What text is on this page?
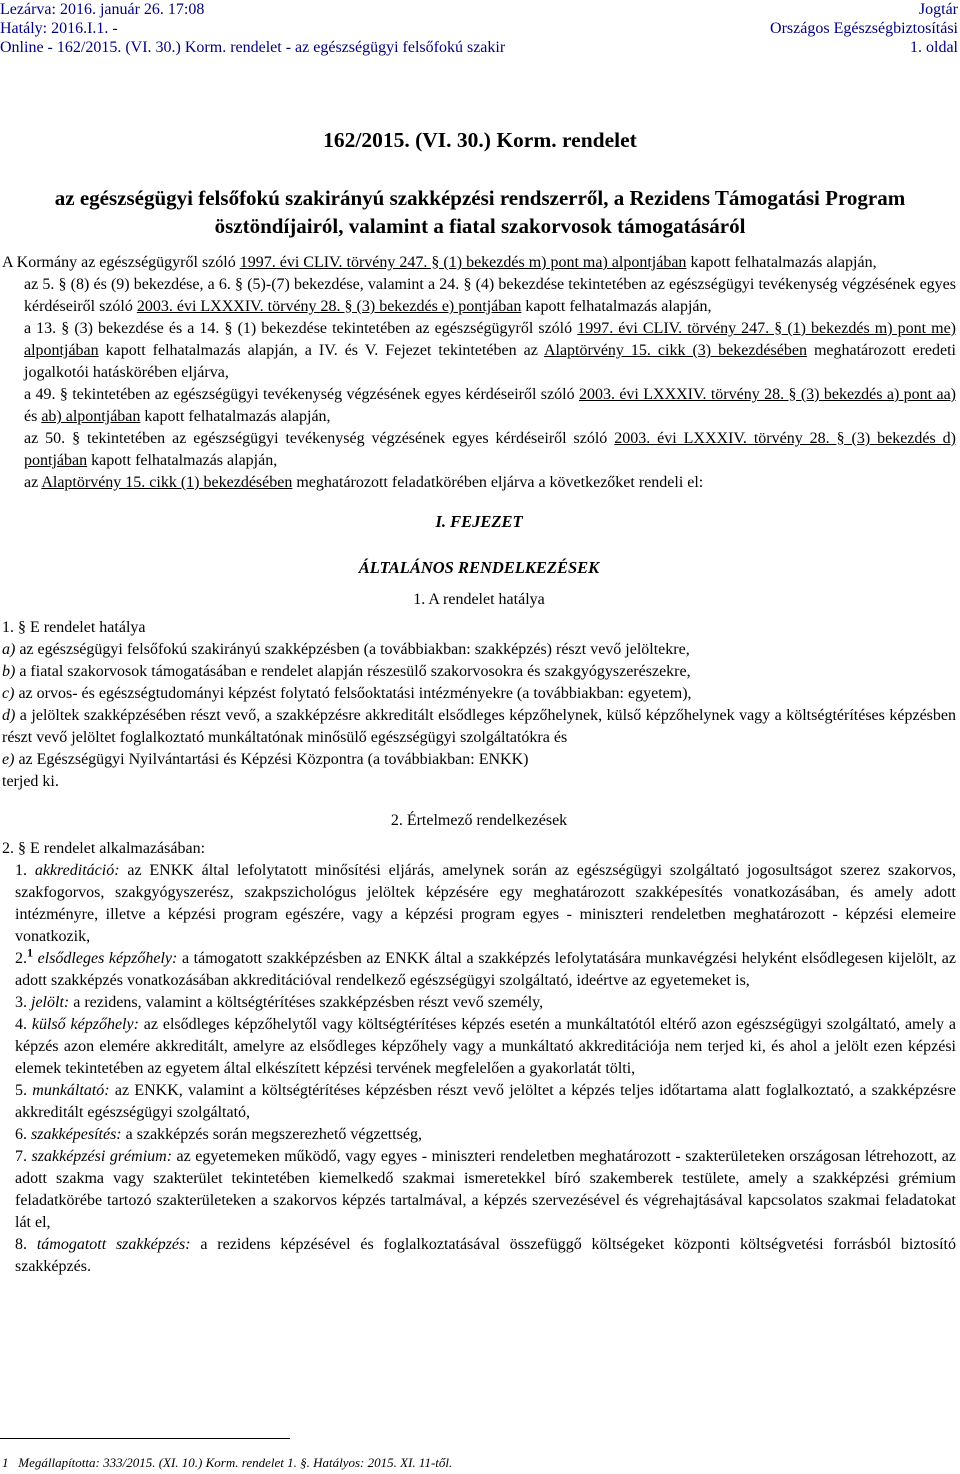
Lezárva: 2016. január 26. 17:08
Hatály: 2016.I.1. -
Online - 162/2015. (VI. 30.) Korm. rendelet - az egészségügyi felsőfokú szakir
Jogtár
Országos Egészségbiztosítási
1. oldal
162/2015. (VI. 30.) Korm. rendelet
az egészségügyi felsőfokú szakirányú szakképzési rendszerről, a Rezidens Támogatási Program ösztöndíjairól, valamint a fiatal szakorvosok támogatásáról

A Kormány az egészségügyről szóló 1997. évi CLIV. törvény 247. § (1) bekezdés m) pont ma) alpontjában kapott felhatalmazás alapján,

az 5. § (8) és (9) bekezdése, a 6. § (5)-(7) bekezdése, valamint a 24. § (4) bekezdése tekintetében az egészségügyi tevékenység végzésének egyes kérdéseiről szóló 2003. évi LXXXIV. törvény 28. § (3) bekezdés e) pontjában kapott felhatalmazás alapján,

a 13. § (3) bekezdése és a 14. § (1) bekezdése tekintetében az egészségügyről szóló 1997. évi CLIV. törvény 247. § (1) bekezdés m) pont me) alpontjában kapott felhatalmazás alapján, a IV. és V. Fejezet tekintetében az Alaptörvény 15. cikk (3) bekezdésében meghatározott eredeti jogalkotói hatáskörében eljárva,

a 49. § tekintetében az egészségügyi tevékenység végzésének egyes kérdéseiről szóló 2003. évi LXXXIV. törvény 28. § (3) bekezdés a) pont aa) és ab) alpontjában kapott felhatalmazás alapján,

az 50. § tekintetében az egészségügyi tevékenység végzésének egyes kérdéseiről szóló 2003. évi LXXXIV. törvény 28. § (3) bekezdés d) pontjában kapott felhatalmazás alapján,

az Alaptörvény 15. cikk (1) bekezdésében meghatározott feladatkörében eljárva a következőket rendeli el:

I. FEJEZET

ÁLTALÁNOS RENDELKEZÉSEK

1. A rendelet hatálya

1. § E rendelet hatálya

a) az egészségügyi felsőfokú szakirányú szakképzésben (a továbbiakban: szakképzés) részt vevő jelöltekre,

b) a fiatal szakorvosok támogatásában e rendelet alapján részesülő szakorvosokra és szakgyógyszerészekre,

c) az orvos- és egészségtudományi képzést folytató felsőoktatási intézményekre (a továbbiakban: egyetem),

d) a jelöltek szakképzésében részt vevő, a szakképzésre akkreditált elsődleges képzőhelynek, külső képzőhelynek vagy a költségtérítéses képzésben részt vevő jelöltet foglalkoztató munkáltatónak minősülő egészségügyi szolgáltatókra és

e) az Egészségügyi Nyilvántartási és Képzési Központra (a továbbiakban: ENKK)

terjed ki.

2. Értelmező rendelkezések

2. § E rendelet alkalmazásában:

1. akkreditáció: az ENKK által lefolytatott minősítési eljárás, amelynek során az egészségügyi szolgáltató jogosultságot szerez szakorvos, szakfogorvos, szakgyógyszerész, szakpszichológus jelöltek képzésére egy meghatározott szakképesítés vonatkozásában, és amely adott intézményre, illetve a képzési program egészére, vagy a képzési program egyes - miniszteri rendeletben meghatározott - képzési elemeire vonatkozik,

2.$^1$ elsődleges képzőhely: a támogatott szakképzésben az ENKK által a szakképzés lefolytatására munkavégzési helyként elsődlegesen kijelölt, az adott szakképzés vonatkozásában akkreditációval rendelkező egészségügyi szolgáltató, ideértve az egyetemeket is,

3. jelölt: a rezidens, valamint a költségtérítéses szakképzésben részt vevő személy,

4. külső képzőhely: az elsődleges képzőhelytől vagy költségtérítéses képzés esetén a munkáltatótól eltérő azon egészségügyi szolgáltató, amely a képzés azon elemére akkreditált, amelyre az elsődleges képzőhely vagy a munkáltató akkreditációja nem terjed ki, és ahol a jelölt ezen képzési elemek tekintetében az egyetem által elkészített képzési tervének megfelelően a gyakorlatát tölti,

5. munkáltató: az ENKK, valamint a költségtérítéses képzésben részt vevő jelöltet a képzés teljes időtartama alatt foglalkoztató, a szakképzésre akkreditált egészségügyi szolgáltató,

6. szakképesítés: a szakképzés során megszerezhető végzettség,

7. szakképzési grémium: az egyetemeken működő, vagy egyes - miniszteri rendeletben meghatározott - szakterületeken országosan létrehozott, az adott szakma vagy szakterület tekintetében kiemelkedő szakmai ismeretekkel bíró szakemberek testülete, amely a szakképzési grémium feladatkörébe tartozó szakterületeken a szakorvos képzés tartalmával, a képzés szervezésével és végrehajtásával kapcsolatos szakmai feladatokat lát el,

8. támogatott szakképzés: a rezidens képzésével és foglalkoztatásával összefüggő költségeket központi költségvetési forrásból biztosító szakképzés.

1 Megállapította: 333/2015. (XI. 10.) Korm. rendelet 1. §. Hatályos: 2015. XI. 11-től.
